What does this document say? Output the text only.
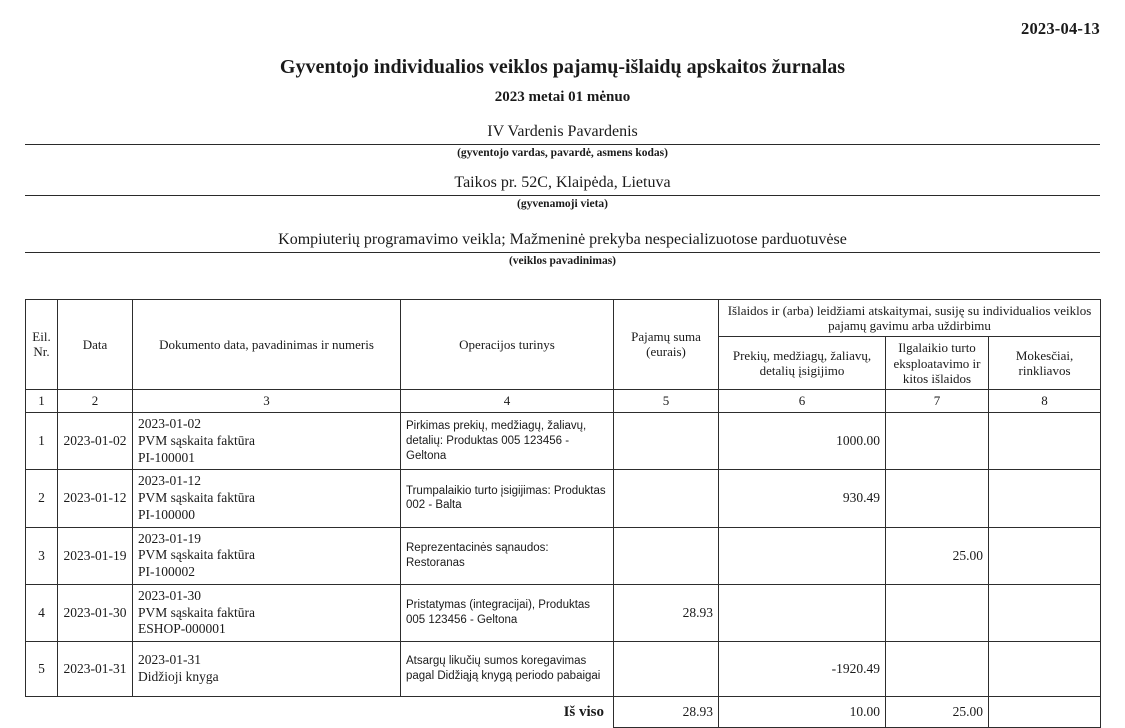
2023-04-13
Gyventojo individualios veiklos pajamų-išlaidų apskaitos žurnalas
2023 metai 01 mėnuo
IV Vardenis Pavardenis
(gyventojo vardas, pavardė, asmens kodas)
Taikos pr. 52C, Klaipėda, Lietuva
(gyvenamoji vieta)
Kompiuterių programavimo veikla; Mažmeninė prekyba nespecializuotose parduotuvėse
(veiklos pavadinimas)
Eil.
Nr.	Data	Dokumento data, pavadinimas ir numeris	Operacijos turinys	Pajamų suma
(eurais)	Išlaidos ir (arba) leidžiami atskaitymai, susiję su individualios veiklos pajamų gavimu arba uždirbimu		

					Prekių, medžiagų, žaliavų,
detalių įsigijimo	Ilgalaikio turto
eksploatavimo ir
kitos išlaidos	Mokesčiai, rinkliavos
1	2	3	4	5	6	7	8
1	2023-01-02	2023-01-02
PVM sąskaita faktūra
PI-100001	Pirkimas prekių, medžiagų, žaliavų, detalių: Produktas 005 123456 - Geltona		1000.00		
2	2023-01-12	2023-01-12
PVM sąskaita faktūra
PI-100000	Trumpalaikio turto įsigijimas: Produktas 002 - Balta		930.49		
3	2023-01-19	2023-01-19
PVM sąskaita faktūra
PI-100002	Reprezentacinės sąnaudos: Restoranas			25.00	
4	2023-01-30	2023-01-30
PVM sąskaita faktūra
ESHOP-000001	Pristatymas (integracijai), Produktas 005 123456 - Geltona	28.93			
5	2023-01-31	2023-01-31
Didžioji knyga	Atsargų likučių sumos koregavimas pagal Didžiąją knygą periodo pabaigai		-1920.49		
Iš viso				28.93	10.00	25.00	
